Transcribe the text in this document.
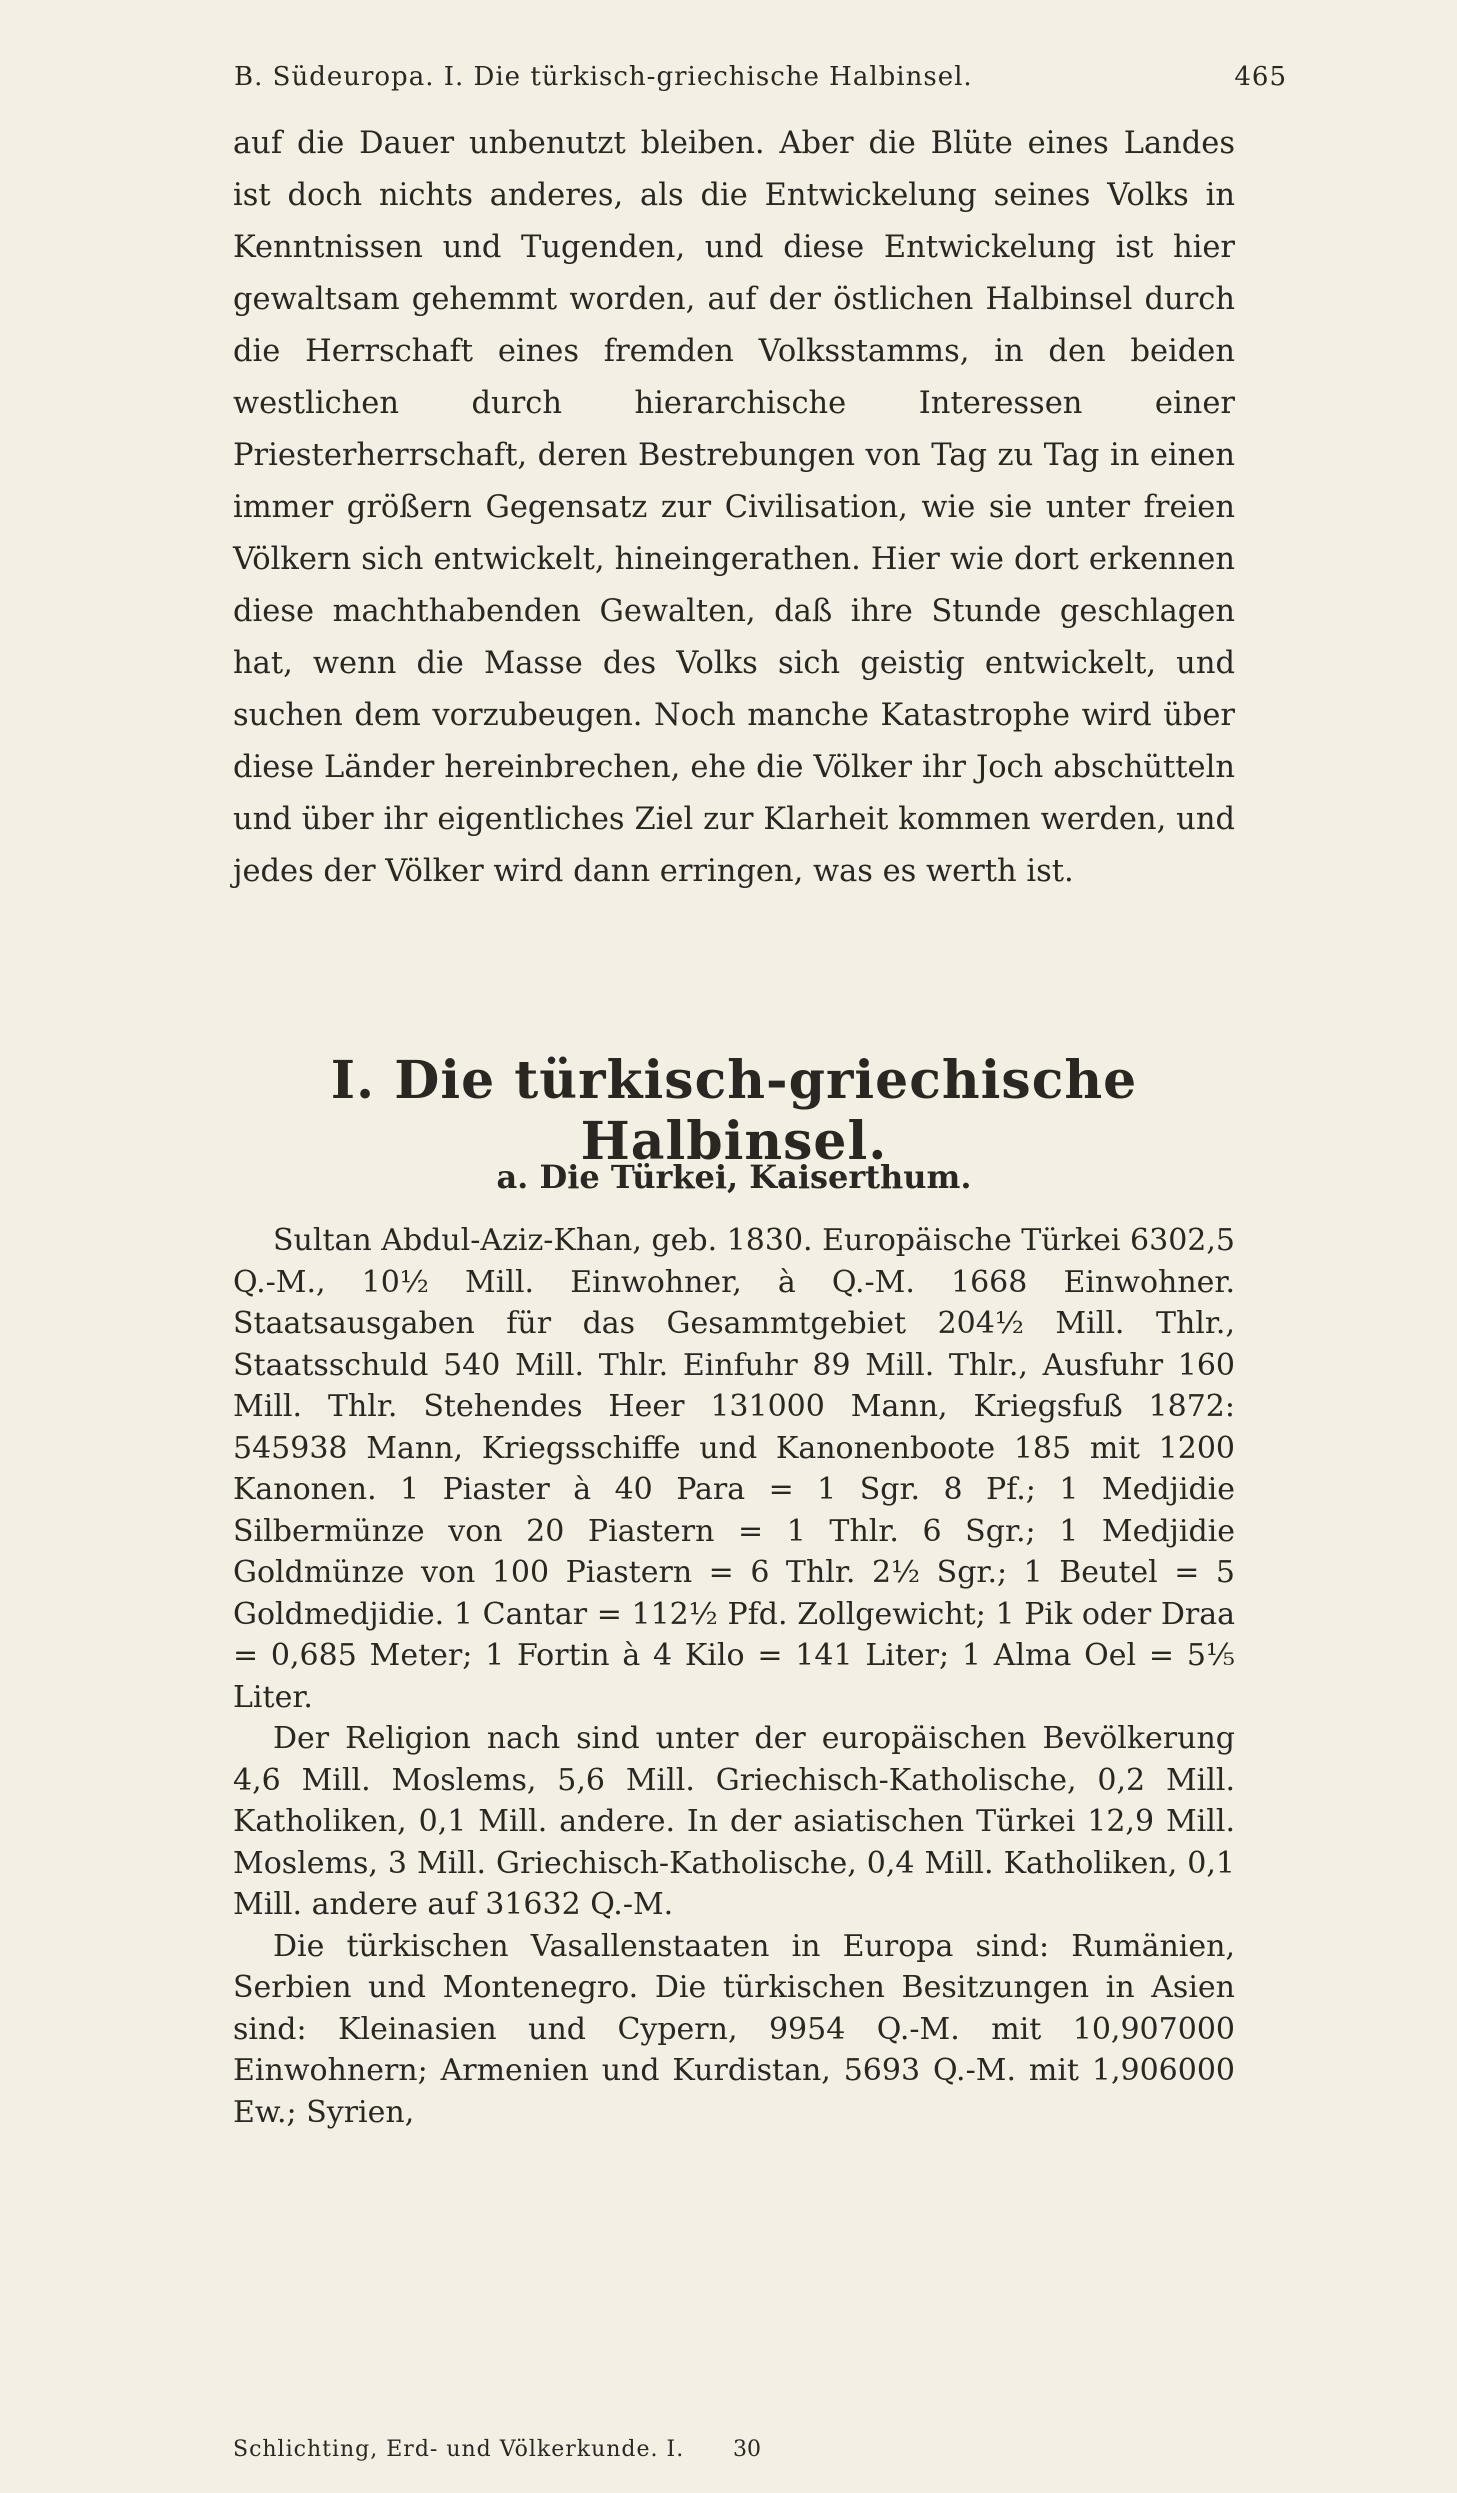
B. Südeuropa. I. Die türkisch-griechische Halbinsel.	465

auf die Dauer unbenutzt bleiben. Aber die Blüte eines Landes ist doch nichts anderes, als die Entwickelung seines Volks in Kenntnissen und Tugenden, und diese Entwickelung ist hier gewaltsam gehemmt worden, auf der östlichen Halbinsel durch die Herrschaft eines fremden Volksstamms, in den beiden westlichen durch hierarchische Interessen einer Priesterherrschaft, deren Bestrebungen von Tag zu Tag in einen immer größern Gegensatz zur Civilisation, wie sie unter freien Völkern sich entwickelt, hineingerathen. Hier wie dort erkennen diese machthabenden Gewalten, daß ihre Stunde geschlagen hat, wenn die Masse des Volks sich geistig entwickelt, und suchen dem vorzubeugen. Noch manche Katastrophe wird über diese Länder hereinbrechen, ehe die Völker ihr Joch abschütteln und über ihr eigentliches Ziel zur Klarheit kommen werden, und jedes der Völker wird dann erringen, was es werth ist.

I. Die türkisch-griechische Halbinsel.
a. Die Türkei, Kaiserthum.

Sultan Abdul-Aziz-Khan, geb. 1830. Europäische Türkei 6302,5 Q.-M., 10½ Mill. Einwohner, à Q.-M. 1668 Einwohner. Staatsausgaben für das Gesammtgebiet 204½ Mill. Thlr., Staatsschuld 540 Mill. Thlr. Einfuhr 89 Mill. Thlr., Ausfuhr 160 Mill. Thlr. Stehendes Heer 131000 Mann, Kriegsfuß 1872: 545938 Mann, Kriegsschiffe und Kanonenboote 185 mit 1200 Kanonen. 1 Piaster à 40 Para = 1 Sgr. 8 Pf.; 1 Medjidie Silbermünze von 20 Piastern = 1 Thlr. 6 Sgr.; 1 Medjidie Goldmünze von 100 Piastern = 6 Thlr. 2½ Sgr.; 1 Beutel = 5 Goldmedjidie. 1 Cantar = 112½ Pfd. Zollgewicht; 1 Pik oder Draa = 0,685 Meter; 1 Fortin à 4 Kilo = 141 Liter; 1 Alma Oel = 5⅕ Liter.

Der Religion nach sind unter der europäischen Bevölkerung 4,6 Mill. Moslems, 5,6 Mill. Griechisch-Katholische, 0,2 Mill. Katholiken, 0,1 Mill. andere. In der asiatischen Türkei 12,9 Mill. Moslems, 3 Mill. Griechisch-Katholische, 0,4 Mill. Katholiken, 0,1 Mill. andere auf 31632 Q.-M.

Die türkischen Vasallenstaaten in Europa sind: Rumänien, Serbien und Montenegro. Die türkischen Besitzungen in Asien sind: Kleinasien und Cypern, 9954 Q.-M. mit 10,907000 Einwohnern; Armenien und Kurdistan, 5693 Q.-M. mit 1,906000 Ew.; Syrien,

Schlichting, Erd- und Völkerkunde. I. 30
